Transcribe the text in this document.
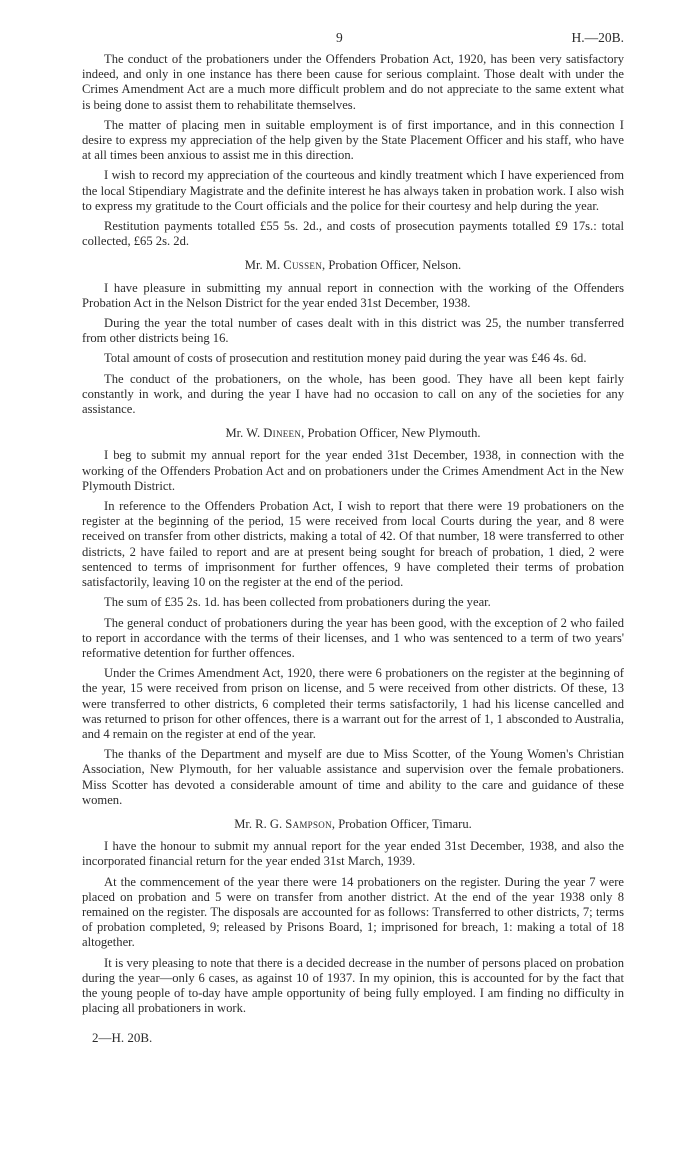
9	H.—20B.

The conduct of the probationers under the Offenders Probation Act, 1920, has been very satisfactory indeed, and only in one instance has there been cause for serious complaint. Those dealt with under the Crimes Amendment Act are a much more difficult problem and do not appreciate to the same extent what is being done to assist them to rehabilitate themselves.

The matter of placing men in suitable employment is of first importance, and in this connection I desire to express my appreciation of the help given by the State Placement Officer and his staff, who have at all times been anxious to assist me in this direction.

I wish to record my appreciation of the courteous and kindly treatment which I have experienced from the local Stipendiary Magistrate and the definite interest he has always taken in probation work. I also wish to express my gratitude to the Court officials and the police for their courtesy and help during the year.

Restitution payments totalled £55 5s. 2d., and costs of prosecution payments totalled £9 17s.: total collected, £65 2s. 2d.

Mr. M. Cussen, Probation Officer, Nelson.

I have pleasure in submitting my annual report in connection with the working of the Offenders Probation Act in the Nelson District for the year ended 31st December, 1938.

During the year the total number of cases dealt with in this district was 25, the number transferred from other districts being 16.

Total amount of costs of prosecution and restitution money paid during the year was £46 4s. 6d.

The conduct of the probationers, on the whole, has been good. They have all been kept fairly constantly in work, and during the year I have had no occasion to call on any of the societies for any assistance.

Mr. W. Dineen, Probation Officer, New Plymouth.

I beg to submit my annual report for the year ended 31st December, 1938, in connection with the working of the Offenders Probation Act and on probationers under the Crimes Amendment Act in the New Plymouth District.

In reference to the Offenders Probation Act, I wish to report that there were 19 probationers on the register at the beginning of the period, 15 were received from local Courts during the year, and 8 were received on transfer from other districts, making a total of 42. Of that number, 18 were transferred to other districts, 2 have failed to report and are at present being sought for breach of probation, 1 died, 2 were sentenced to terms of imprisonment for further offences, 9 have completed their terms of probation satisfactorily, leaving 10 on the register at the end of the period.

The sum of £35 2s. 1d. has been collected from probationers during the year.

The general conduct of probationers during the year has been good, with the exception of 2 who failed to report in accordance with the terms of their licenses, and 1 who was sentenced to a term of two years' reformative detention for further offences.

Under the Crimes Amendment Act, 1920, there were 6 probationers on the register at the beginning of the year, 15 were received from prison on license, and 5 were received from other districts. Of these, 13 were transferred to other districts, 6 completed their terms satisfactorily, 1 had his license cancelled and was returned to prison for other offences, there is a warrant out for the arrest of 1, 1 absconded to Australia, and 4 remain on the register at end of the year.

The thanks of the Department and myself are due to Miss Scotter, of the Young Women's Christian Association, New Plymouth, for her valuable assistance and supervision over the female probationers. Miss Scotter has devoted a considerable amount of time and ability to the care and guidance of these women.

Mr. R. G. Sampson, Probation Officer, Timaru.

I have the honour to submit my annual report for the year ended 31st December, 1938, and also the incorporated financial return for the year ended 31st March, 1939.

At the commencement of the year there were 14 probationers on the register. During the year 7 were placed on probation and 5 were on transfer from another district. At the end of the year 1938 only 8 remained on the register. The disposals are accounted for as follows: Transferred to other districts, 7; terms of probation completed, 9; released by Prisons Board, 1; imprisoned for breach, 1: making a total of 18 altogether.

It is very pleasing to note that there is a decided decrease in the number of persons placed on probation during the year—only 6 cases, as against 10 of 1937. In my opinion, this is accounted for by the fact that the young people of to-day have ample opportunity of being fully employed. I am finding no difficulty in placing all probationers in work.

2—H. 20B.
